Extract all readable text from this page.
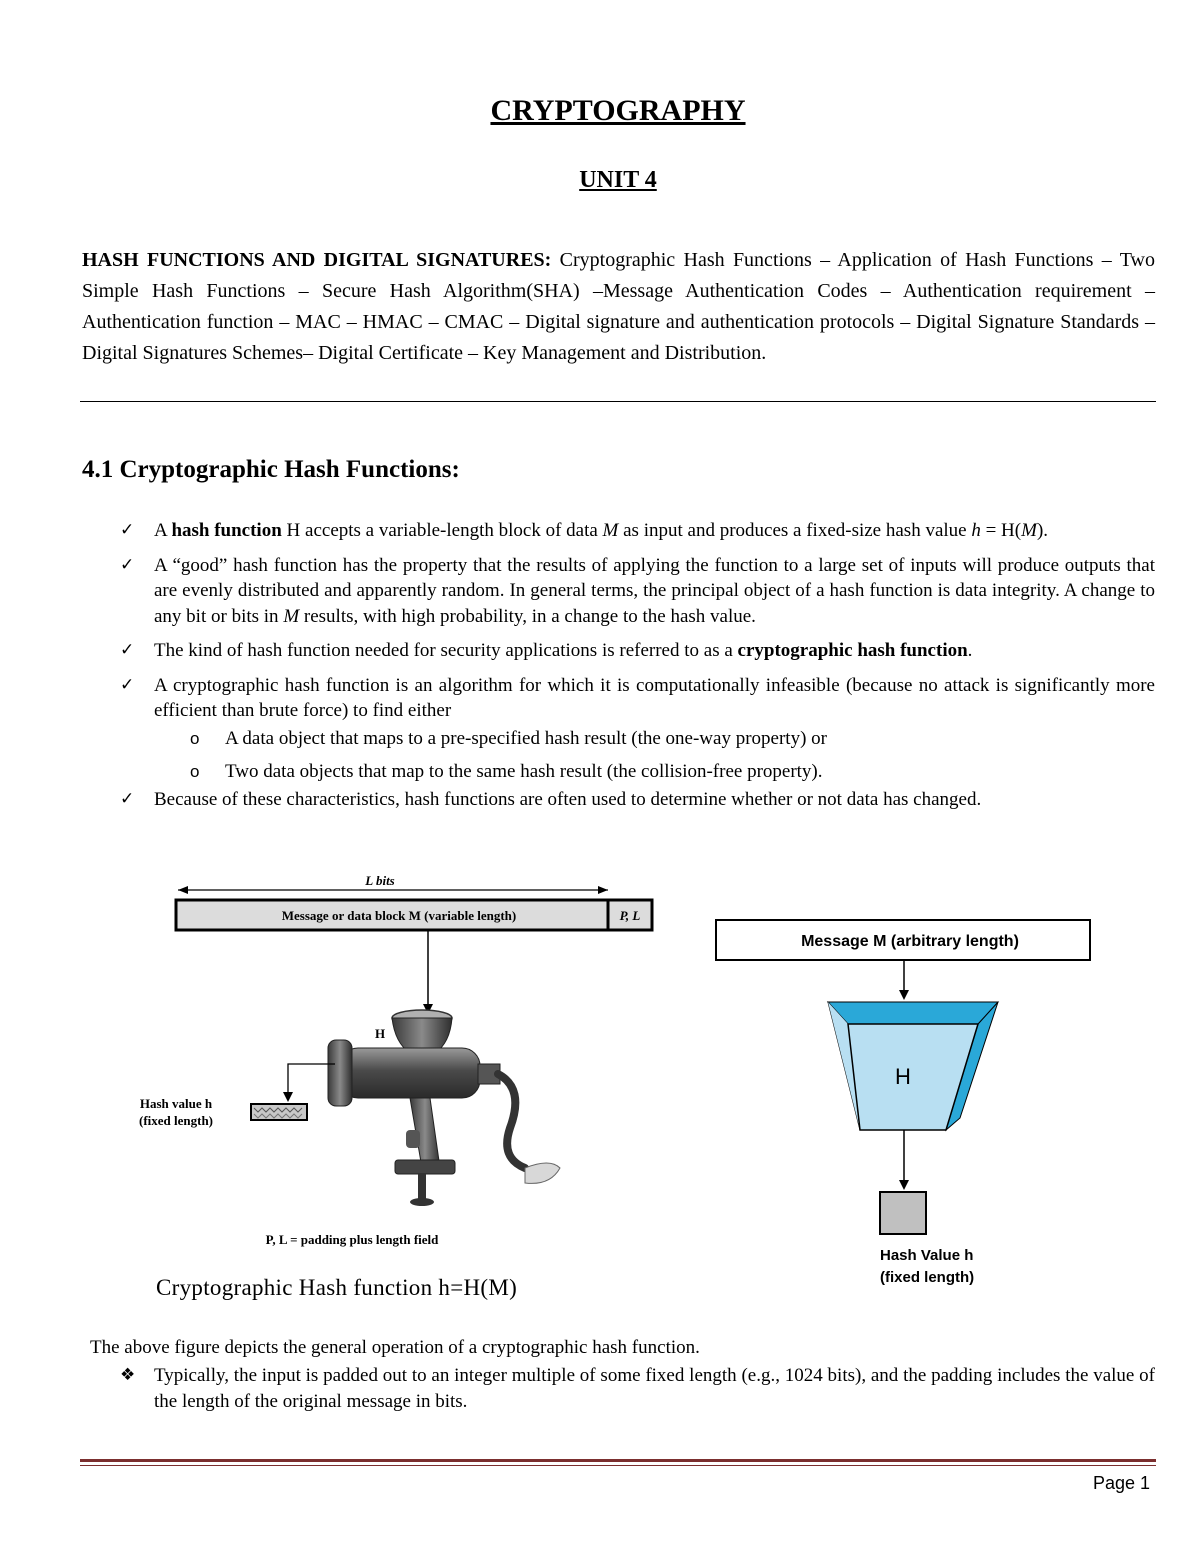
CRYPTOGRAPHY
UNIT 4
HASH FUNCTIONS AND DIGITAL SIGNATURES: Cryptographic Hash Functions – Application of Hash Functions – Two Simple Hash Functions – Secure Hash Algorithm(SHA) –Message Authentication Codes – Authentication requirement – Authentication function – MAC – HMAC – CMAC – Digital signature and authentication protocols – Digital Signature Standards –Digital Signatures Schemes– Digital Certificate – Key Management and Distribution.
4.1 Cryptographic Hash Functions:
✓	A hash function H accepts a variable-length block of data M as input and produces a fixed-size hash value h = H(M).
✓	A “good” hash function has the property that the results of applying the function to a large set of inputs will produce outputs that are evenly distributed and apparently random. In general terms, the principal object of a hash function is data integrity. A change to any bit or bits in M results, with high probability, in a change to the hash value.
✓	The kind of hash function needed for security applications is referred to as a cryptographic hash function.
✓	A cryptographic hash function is an algorithm for which it is computationally infeasible (because no attack is significantly more efficient than brute force) to find either
o A data object that maps to a pre-specified hash result (the one-way property) or
o Two data objects that map to the same hash result (the collision-free property).
✓	Because of these characteristics, hash functions are often used to determine whether or not data has changed.
L bits
Message or data block M (variable length)	P, L
H
Hash value h
(fixed length)
P, L = padding plus length field
Message M (arbitrary length)
H
Hash Value h
(fixed length)
Cryptographic Hash function h=H(M)
The above figure depicts the general operation of a cryptographic hash function.
❖ Typically, the input is padded out to an integer multiple of some fixed length (e.g., 1024 bits), and the padding includes the value of the length of the original message in bits.
Page 1
